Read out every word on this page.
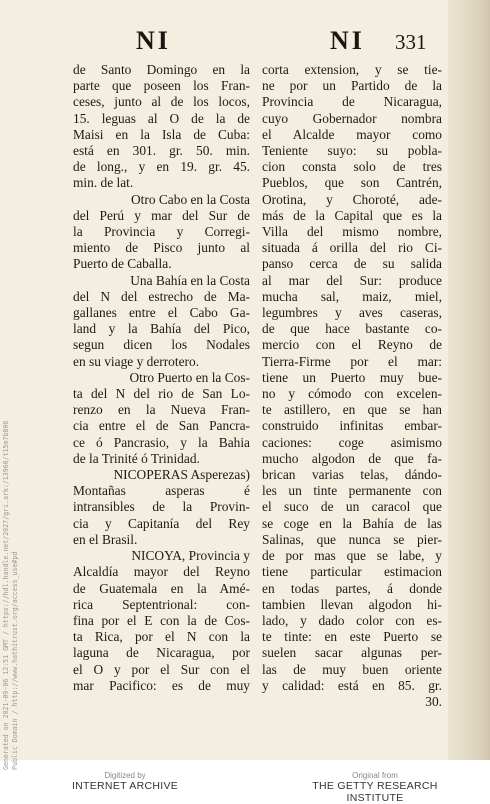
NI	NI 331
de Santo Domingo en la
parte que poseen los Fran-
ceses, junto al de los locos,
15. leguas al O de la de
Maisi en la Isla de Cuba:
está en 301. gr. 50. min.
de long., y en 19. gr. 45.
min. de lat.
Otro Cabo en la Costa
del Perú y mar del Sur de
la Provincia y Corregi-
miento de Pisco junto al
Puerto de Caballa.
Una Bahía en la Costa
del N del estrecho de Ma-
gallanes entre el Cabo Ga-
land y la Bahía del Pico,
segun dicen los Nodales
en su viage y derrotero.
Otro Puerto en la Cos-
ta del N del rio de San Lo-
renzo en la Nueva Fran-
cia entre el de San Pancra-
ce ó Pancrasio, y la Bahia
de la Trinité ó Trinidad.
NICOPERAS Asperezas)
Montañas asperas é
intransibles de la Provin-
cia y Capitanía del Rey
en el Brasil.
NICOYA, Provincia y
Alcaldía mayor del Reyno
de Guatemala en la Amé-
rica Septentrional: con-
fina por el E con la de Cos-
ta Rica, por el N con la
laguna de Nicaragua, por
el O y por el Sur con el
mar Pacifico: es de muy
corta extension, y se tie-
ne por un Partido de la
Provincia de Nicaragua,
cuyo Gobernador nombra
el Alcalde mayor como
Teniente suyo: su pobla-
cion consta solo de tres
Pueblos, que son Cantrén,
Orotina, y Choroté, ade-
más de la Capital que es la
Villa del mismo nombre,
situada á orilla del rio Ci-
panso cerca de su salida
al mar del Sur: produce
mucha sal, maiz, miel,
legumbres y aves caseras,
de que hace bastante co-
mercio con el Reyno de
Tierra-Firme por el mar:
tiene un Puerto muy bue-
no y cómodo con excelen-
te astillero, en que se han
construido infinitas embar-
caciones: coge asimismo
mucho algodon de que fa-
brican varias telas, dándo-
les un tinte permanente con
el suco de un caracol que
se coge en la Bahía de las
Salinas, que nunca se pier-
de por mas que se labe, y
tiene particular estimacion
en todas partes, á donde
tambien llevan algodon hi-
lado, y dado color con es-
te tinte: en este Puerto se
suelen sacar algunas per-
las de muy buen oriente
y calidad: está en 85. gr.
30.
Digitized by
INTERNET ARCHIVE
Original from
THE GETTY RESEARCH INSTITUTE
Generated on 2021-09-06 12:51 GMT / https://hdl.handle.net/2027/gri.ark:/13960/t15m7b806 Public Domain / http://www.hathitrust.org/access_use#pd
